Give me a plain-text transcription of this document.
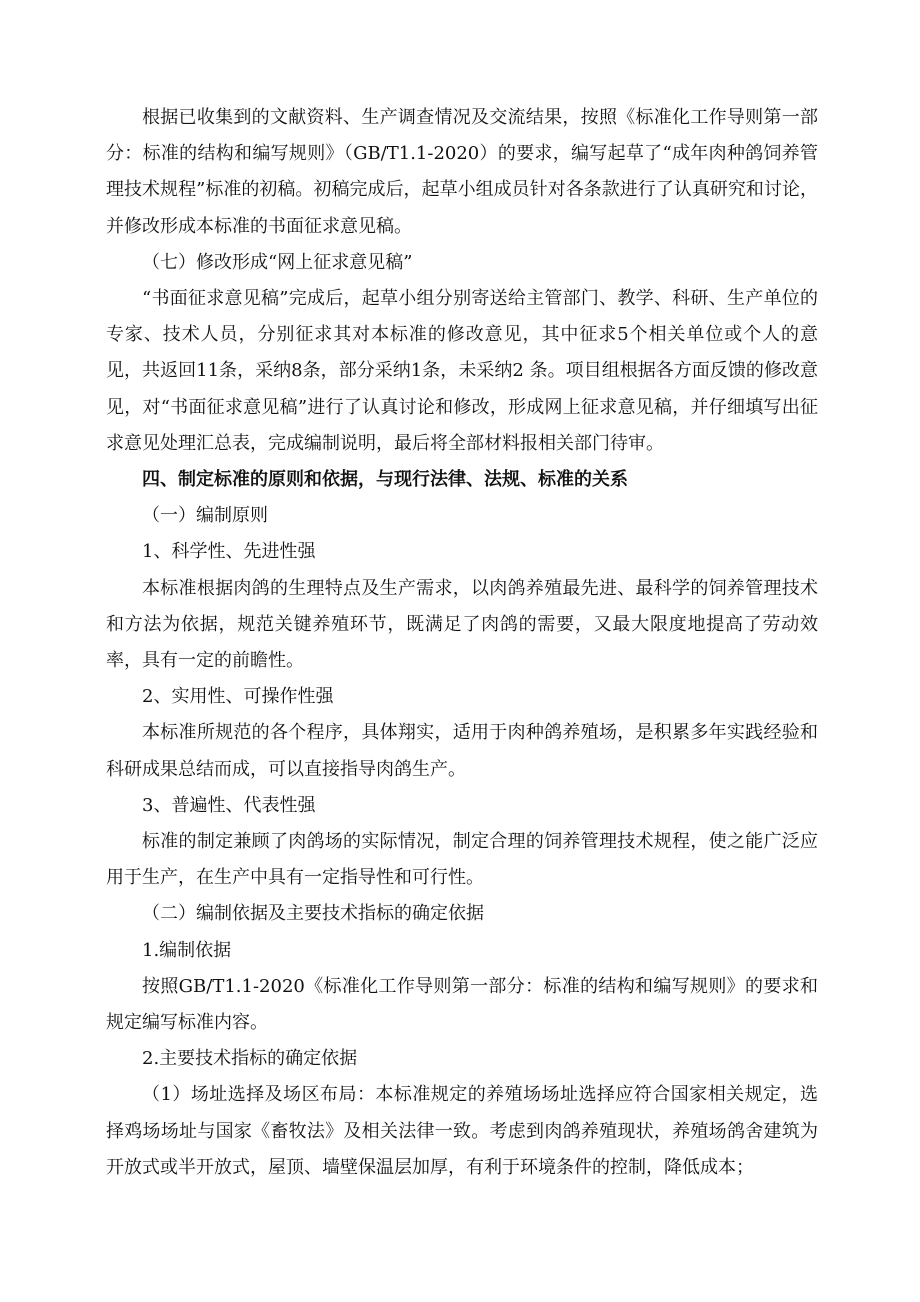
根据已收集到的文献资料、生产调查情况及交流结果，按照《标准化工作导则第一部分：标准的结构和编写规则》（GB/T1.1-2020）的要求，编写起草了“成年肉种鸽饲养管理技术规程”标准的初稿。初稿完成后，起草小组成员针对各条款进行了认真研究和讨论，并修改形成本标准的书面征求意见稿。

（七）修改形成“网上征求意见稿”

“书面征求意见稿”完成后，起草小组分别寄送给主管部门、教学、科研、生产单位的专家、技术人员，分别征求其对本标准的修改意见，其中征求5个相关单位或个人的意见，共返回11条，采纳8条，部分采纳1条，未采纳2 条。项目组根据各方面反馈的修改意见，对“书面征求意见稿”进行了认真讨论和修改，形成网上征求意见稿，并仔细填写出征求意见处理汇总表，完成编制说明，最后将全部材料报相关部门待审。

四、制定标准的原则和依据，与现行法律、法规、标准的关系

（一）编制原则

1、科学性、先进性强

本标准根据肉鸽的生理特点及生产需求，以肉鸽养殖最先进、最科学的饲养管理技术和方法为依据，规范关键养殖环节，既满足了肉鸽的需要，又最大限度地提高了劳动效率，具有一定的前瞻性。

2、实用性、可操作性强

本标准所规范的各个程序，具体翔实，适用于肉种鸽养殖场，是积累多年实践经验和科研成果总结而成，可以直接指导肉鸽生产。

3、普遍性、代表性强

标准的制定兼顾了肉鸽场的实际情况，制定合理的饲养管理技术规程，使之能广泛应用于生产，在生产中具有一定指导性和可行性。

（二）编制依据及主要技术指标的确定依据

1.编制依据

按照GB/T1.1-2020《标准化工作导则第一部分：标准的结构和编写规则》的要求和规定编写标准内容。

2.主要技术指标的确定依据

（1）场址选择及场区布局：本标准规定的养殖场场址选择应符合国家相关规定，选择鸡场场址与国家《畜牧法》及相关法律一致。考虑到肉鸽养殖现状，养殖场鸽舍建筑为开放式或半开放式，屋顶、墙壁保温层加厚，有利于环境条件的控制，降低成本；
